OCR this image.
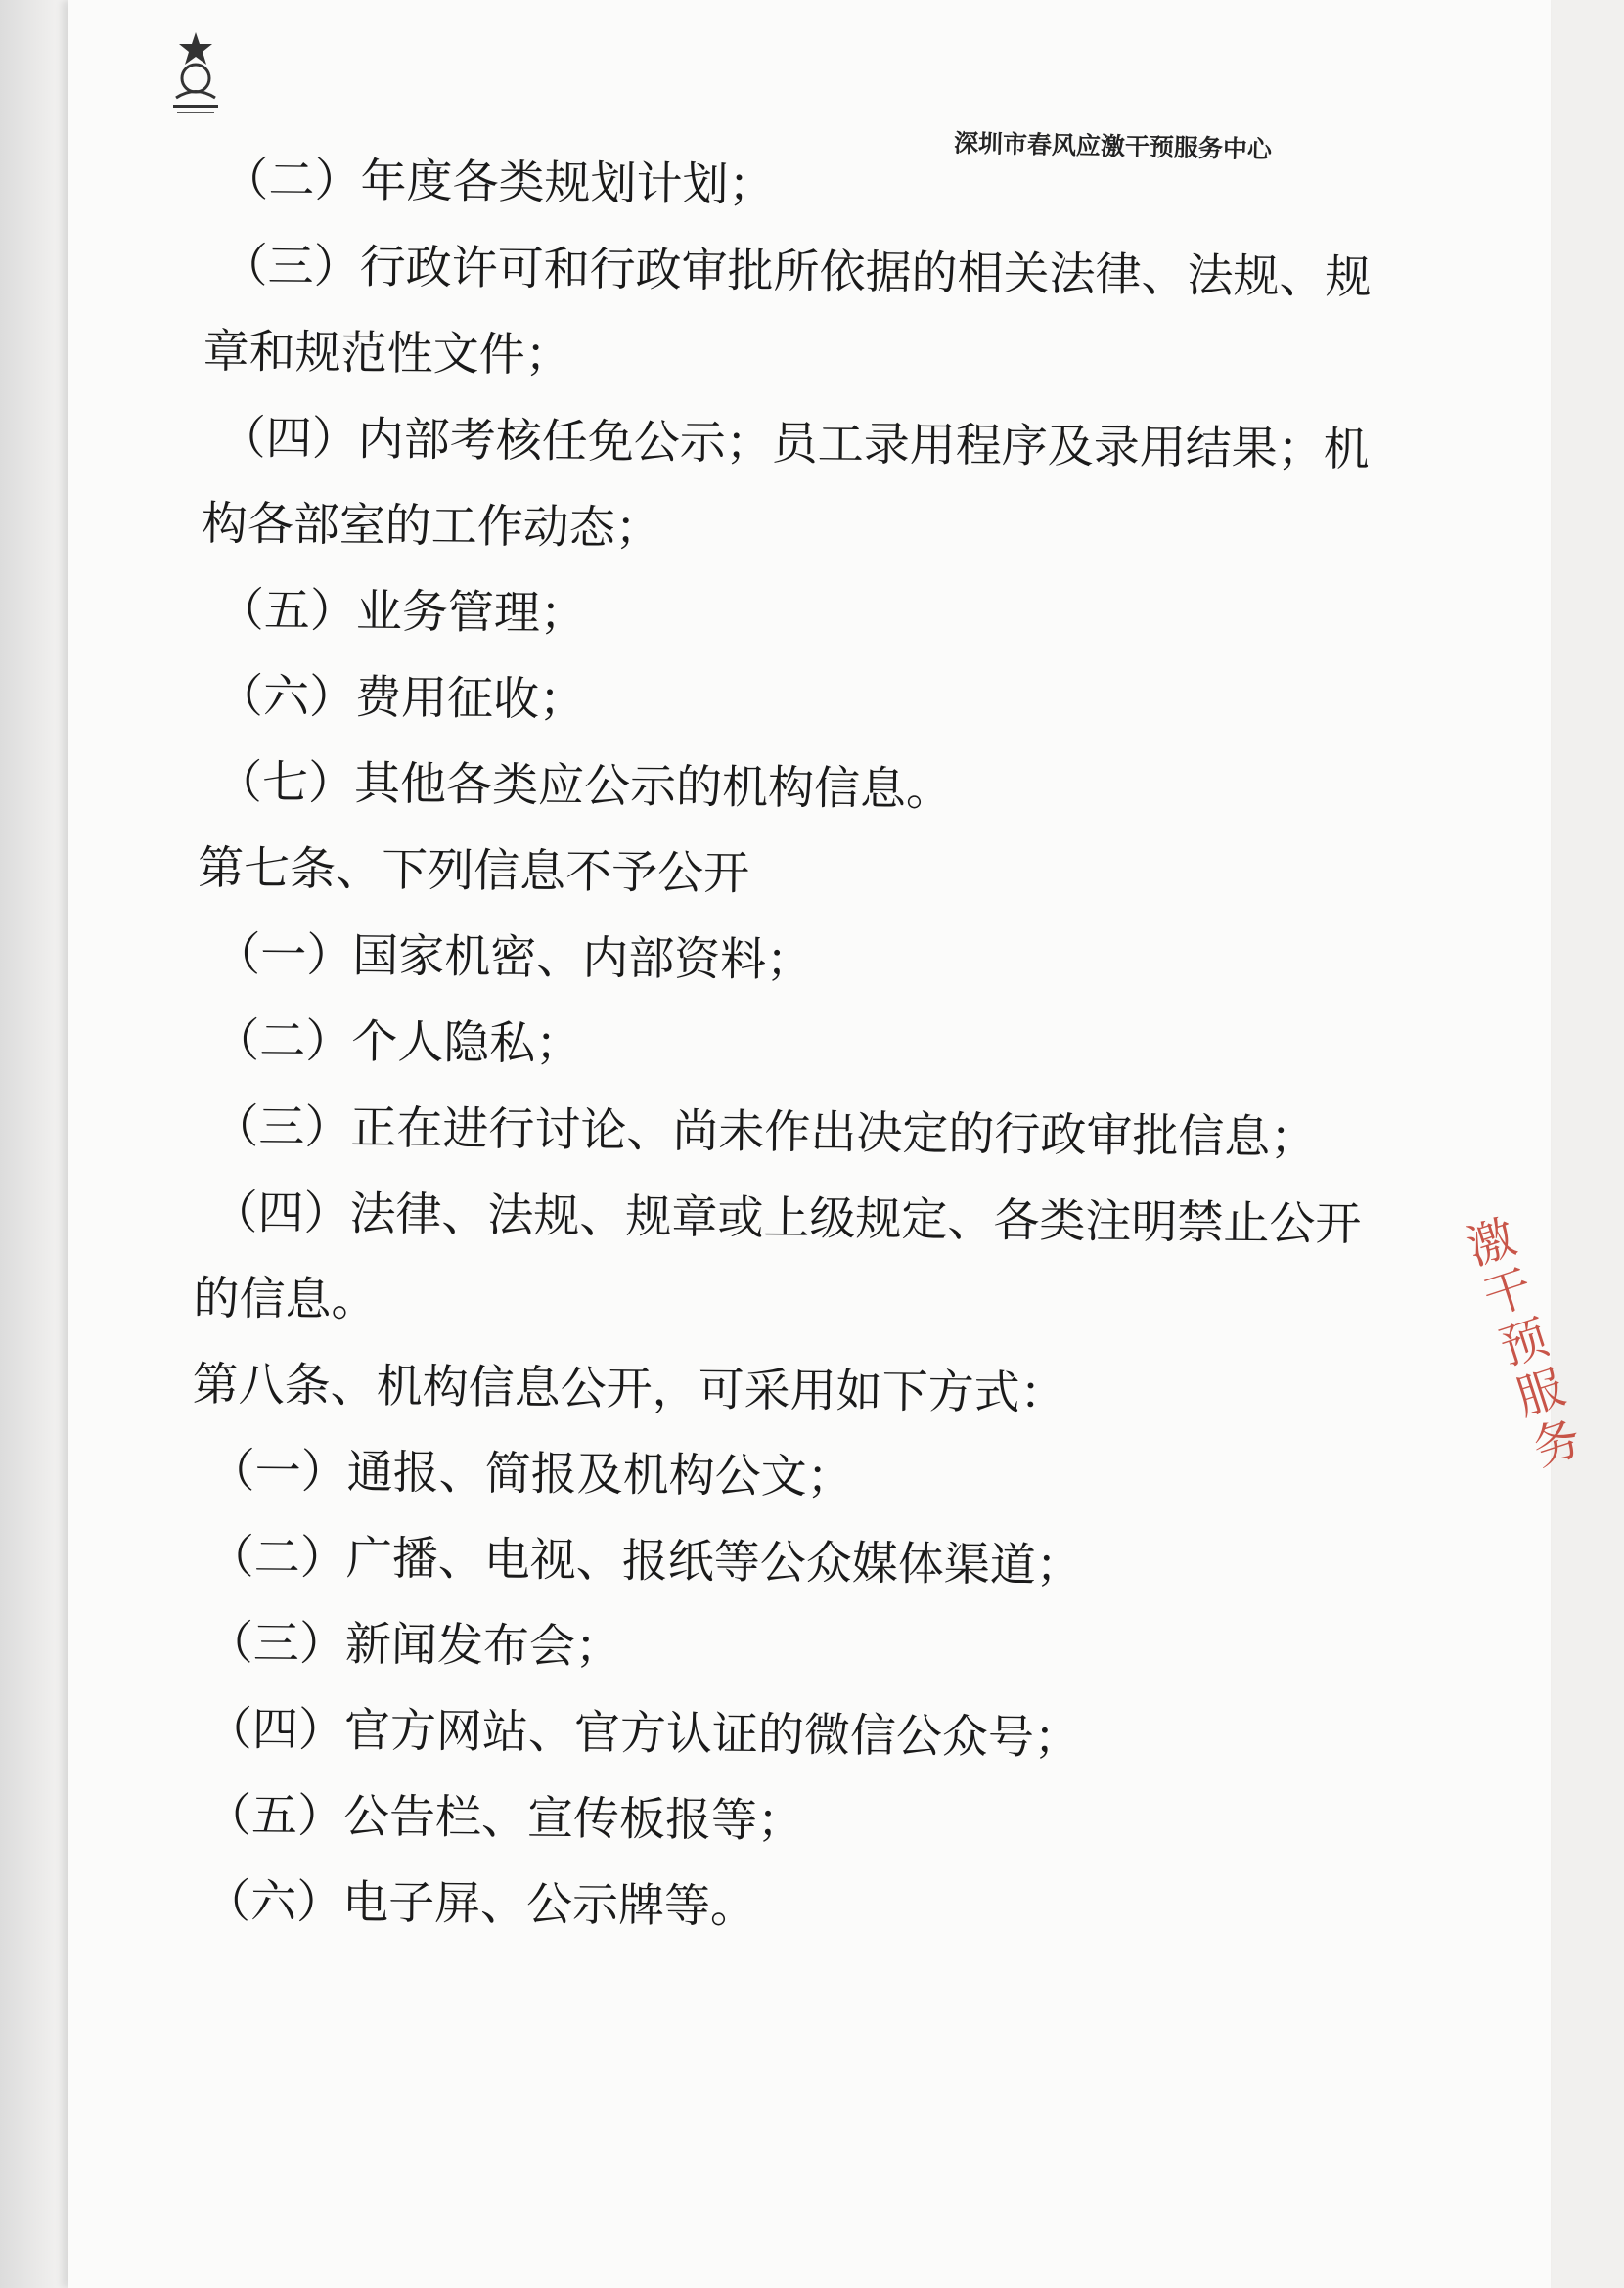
深圳市春风应激干预服务中心
（二）年度各类规划计划；
（三）行政许可和行政审批所依据的相关法律、法规、规
章和规范性文件；
（四）内部考核任免公示；员工录用程序及录用结果；机
构各部室的工作动态；
（五）业务管理；
（六）费用征收；
（七）其他各类应公示的机构信息。
第七条、下列信息不予公开
（一）国家机密、内部资料；
（二）个人隐私；
（三）正在进行讨论、尚未作出决定的行政审批信息；
（四）法律、法规、规章或上级规定、各类注明禁止公开
的信息。
第八条、机构信息公开，可采用如下方式：
（一）通报、简报及机构公文；
（二）广播、电视、报纸等公众媒体渠道；
（三）新闻发布会；
（四）官方网站、官方认证的微信公众号；
（五）公告栏、宣传板报等；
（六）电子屏、公示牌等。
激干预服务
